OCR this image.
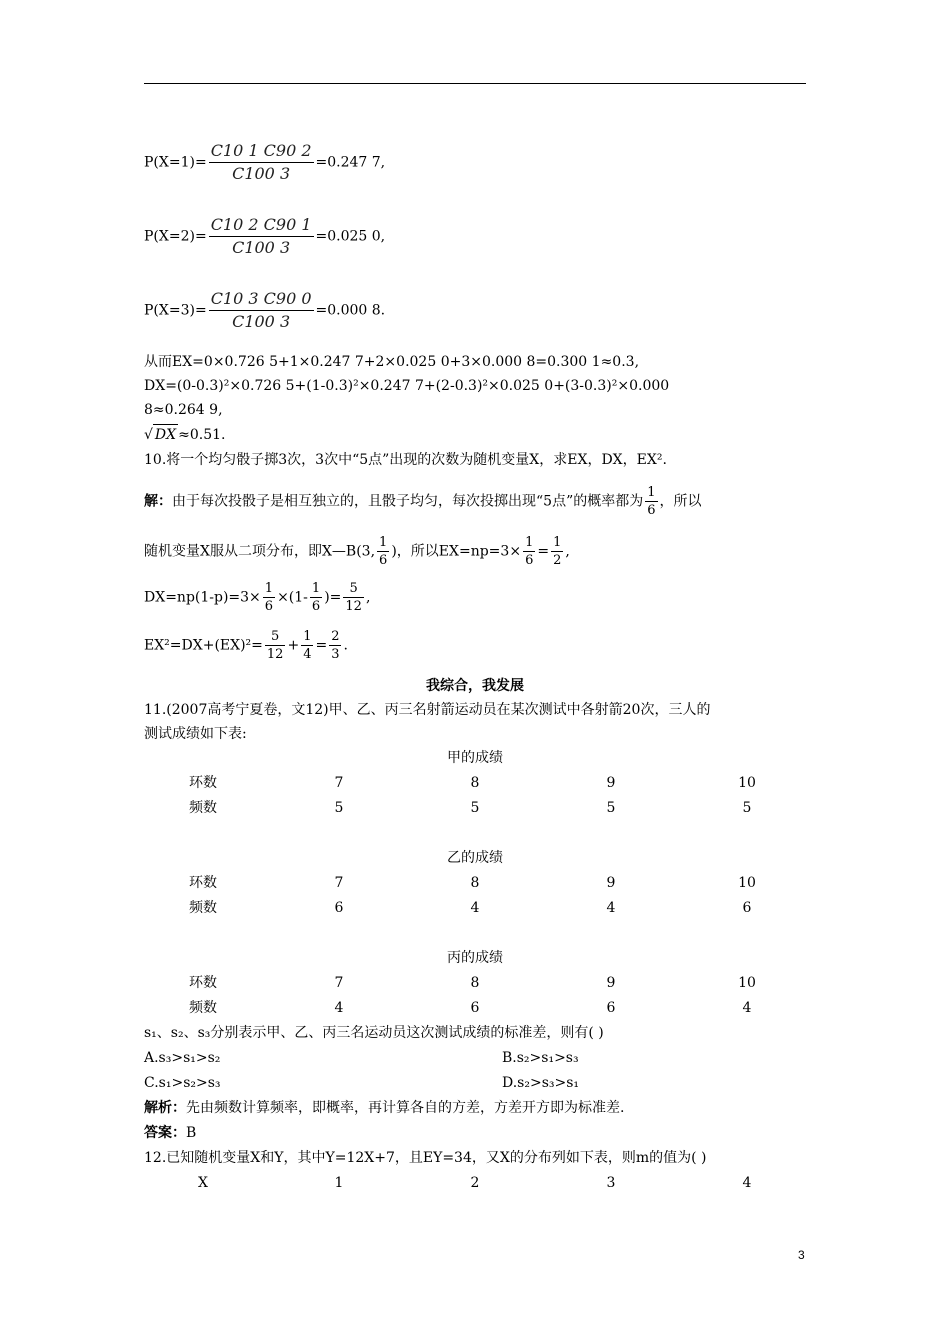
$P(X=1)= \frac{C10 1 C90 2}{C100 3} =0.247$ 7,
$P(X=2)= \frac{C10 2 C90 1}{C100 3} =0.025$ 0,
$P(X=3)= \frac{C10 3 C90 0}{C100 3} =0.000$ 8.
从而EX=0×0.726 5+1×0.247 7+2×0.025 0+3×0.000 8=0.300 1≈0.3,
DX=(0-0.3)²×0.726 5+(1-0.3)²×0.247 7+(2-0.3)²×0.025 0+(3-0.3)²×0.000
8≈0.264 9,
√ DX ≈0.51.
10.将一个均匀骰子掷3次，3次中“5点”出现的次数为随机变量X，求EX，DX，EX².
解：由于每次投骰子是相互独立的，且骰子均匀，每次投掷出现“5点”的概率都为 $\frac{1}{6}$ ，所以
随机变量X服从二项分布，即X—B(3, $\frac{1}{6}$ )，所以$EX=np=3\times \frac{1}{6} = \frac{1}{2}$ ,
$DX=np(1-p)=3\times \frac{1}{6} \times(1- \frac{1}{6}$ )= $\frac{5}{12}$ ,
$EX^2=DX+(EX)^2= \frac{5}{12} + \frac{1}{4} = \frac{2}{3}$ .
我综合，我发展
11.(2007高考宁夏卷，文12)甲、乙、丙三名射箭运动员在某次测试中各射箭20次，三人的
测试成绩如下表:
甲的成绩
环数	7	8	9	10
频数	5	5	5	5
乙的成绩
环数	7	8	9	10
频数	6	4	4	6
丙的成绩
环数	7	8	9	10
频数	4	6	6	4
s₁、s₂、s₃分别表示甲、乙、丙三名运动员这次测试成绩的标准差，则有( )
A.s₃>s₁>s₂	B.s₂>s₁>s₃
C.s₁>s₂>s₃	D.s₂>s₃>s₁
解析：先由频数计算频率，即概率，再计算各自的方差，方差开方即为标准差.
答案：B
12.已知随机变量X和Y，其中Y=12X+7，且EY=34，又X的分布列如下表，则m的值为( )
X	1	2	3	4
3
